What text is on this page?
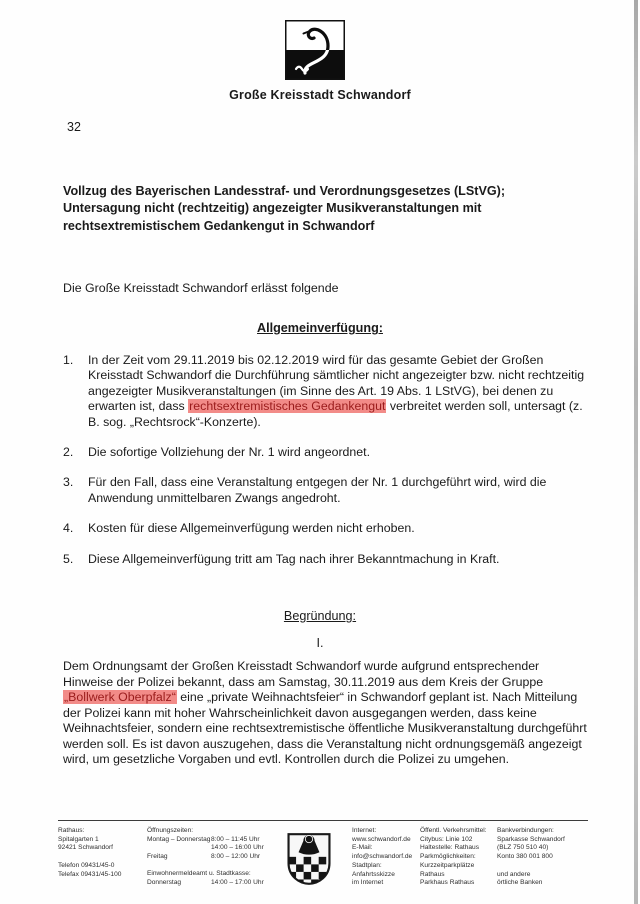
Große Kreisstadt Schwandorf
32
Vollzug des Bayerischen Landesstraf- und Verordnungsgesetzes (LStVG);
Untersagung nicht (rechtzeitig) angezeigter Musikveranstaltungen mit
rechtsextremistischem Gedankengut in Schwandorf
Die Große Kreisstadt Schwandorf erlässt folgende
Allgemeinverfügung:
1.	In der Zeit vom 29.11.2019 bis 02.12.2019 wird für das gesamte Gebiet der Großen Kreisstadt Schwandorf die Durchführung sämtlicher nicht angezeigter bzw. nicht rechtzeitig angezeigter Musikveranstaltungen (im Sinne des Art. 19 Abs. 1 LStVG), bei denen zu erwarten ist, dass rechtsextremistisches Gedankengut verbreitet werden soll, untersagt (z. B. sog. „Rechtsrock“-Konzerte).
2.	Die sofortige Vollziehung der Nr. 1 wird angeordnet.
3.	Für den Fall, dass eine Veranstaltung entgegen der Nr. 1 durchgeführt wird, wird die Anwendung unmittelbaren Zwangs angedroht.
4.	Kosten für diese Allgemeinverfügung werden nicht erhoben.
5.	Diese Allgemeinverfügung tritt am Tag nach ihrer Bekanntmachung in Kraft.
Begründung:
I.
Dem Ordnungsamt der Großen Kreisstadt Schwandorf wurde aufgrund entsprechender Hinweise der Polizei bekannt, dass am Samstag, 30.11.2019 aus dem Kreis der Gruppe „Bollwerk Oberpfalz“ eine „private Weihnachtsfeier“ in Schwandorf geplant ist. Nach Mitteilung der Polizei kann mit hoher Wahrscheinlichkeit davon ausgegangen werden, dass keine Weihnachtsfeier, sondern eine rechtsextremistische öffentliche Musikveranstaltung durchgeführt werden soll. Es ist davon auszugehen, dass die Veranstaltung nicht ordnungsgemäß angezeigt wird, um gesetzliche Vorgaben und evtl. Kontrollen durch die Polizei zu umgehen.
Rathaus:
Spitalgarten 1
92421 Schwandorf
Telefon 09431/45-0
Telefax 09431/45-100
Öffnungszeiten:
Montag – Donnerstag 8:00 – 11:45 Uhr
14:00 – 16:00 Uhr
Freitag	8:00 – 12:00 Uhr
Einwohnermeldeamt u. Stadtkasse:
Donnerstag	14:00 – 17:00 Uhr
Internet:
www.schwandorf.de
E-Mail:
info@schwandorf.de
Stadtplan:
Anfahrtsskizze
im Internet
Öffentl. Verkehrsmittel:
Citybus: Linie 102
Haltestelle: Rathaus
Parkmöglichkeiten:
Kurzzeitparkplätze
Rathaus
Parkhaus Rathaus
Bankverbindungen:
Sparkasse Schwandorf
(BLZ 750 510 40)
Konto 380 001 800
und andere
örtliche Banken
